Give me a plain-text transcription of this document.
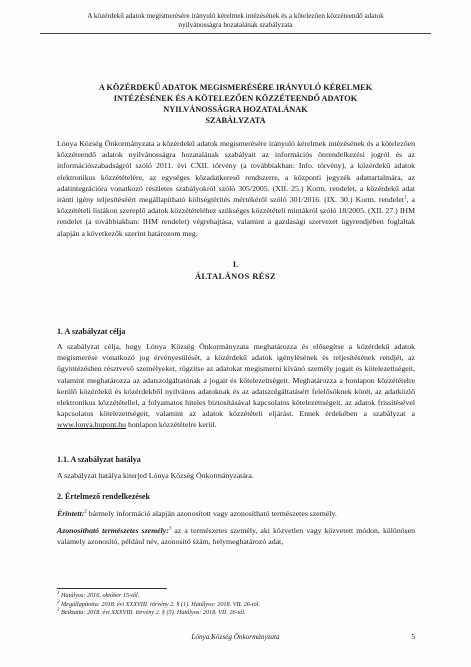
A közérdekű adatok megismerésére irányuló kérelmek intézésének és a kötelezően közzéteendő adatok
nyilvánosságra hozatalának szabályzata
A KÖZÉRDEKŰ ADATOK MEGISMERÉSÉRE IRÁNYULÓ KÉRELMEK
INTÉZÉSÉNEK ÉS A KÖTELEZŐEN KÖZZÉTEENDŐ ADATOK
NYILVÁNOSSÁGRA HOZATALÁNAK
SZABÁLYZATA

Lónya Község Önkormányzata a közérdekű adatok megismerésére irányuló kérelmek intézésének és a kötelezően közzéteendő adatok nyilvánosságra hozatalának szabályait az információs önrendelkezési jogról és az információszabadságról szóló 2011. évi CXII. törvény (a továbbiakban: Info. törvény), a közérdekű adatok elektronikus közzétételére, az egységes közadatkereső rendszerre, a központi jegyzék adattartalmára, az adatintegrációra vonatkozó részletes szabályokról szóló 305/2005. (XII. 25.) Korm. rendelet, a közérdekű adat iránti igény teljesítéséért megállapítható költségtérítés mértékéről szóló 301/2016. (IX. 30.) Korm. rendelet$^1$, a közzétételi listákon szereplő adatok közzétételéhez szükséges közzétételi mintákról szóló 18/2005. (XII. 27.) IHM rendelet (a továbbiakban: IHM rendelet) végrehajtása, valamint a gazdasági szervezet ügyrendjében foglaltak alapján a következők szerint határozom meg.

I.
ÁLTALÁNOS RÉSZ
1. A szabályzat célja

A szabályzat célja, hogy Lónya Község Önkormányzata meghatározza és elősegítse a közérdekű adatok megismerése vonatkozó jog érvényesülését, a közérdekű adatok igénylésének és teljesítésének rendjét, az ügyintézésben résztvevő személyeket, rögzítse az adatokat megismerni kívánó személy jogait és kötelezettségeit, valamint meghatározza az adatszolgáltatónak a jogait és kötelezettségeit. Meghatározza a honlapon közzétételre kerülő közérdekű és közérdekből nyilvános adatoknak és az adatszolgáltatásért felelősöknek körét, az adatközlő elektronikus közzététellel, a folyamatos hiteles biztosításával kapcsolatos kötelezettségeit, az adatok frissítésével kapcsolatos kötelezettségeit, valamint az adatok közzétételi eljárást. Ennek érdekében a szabályzat a www.lonya.hupont.hu honlapon közzétételre kerül.

1.1. A szabályzat hatálya

A szabályzat hatálya kiterjed Lónya Község Önkormányzatára.

2. Értelmező rendelkezések

Érintett:$^2$ bármely információ alapján azonosított vagy azonosítható természetes személy.

Azonosítható természetes személy:$^3$ az a természetes személy, aki közvetlen vagy közvetett módon, különösen valamely azonosító, például név, azonosító szám, helymeghatározó adat,

$^1$ Hatályos: 2016. október 15-től.
$^2$ Megállapította: 2018. évi XXXVIII. törvény 2. § (1). Hatályos: 2018. VII. 26-tól.
$^3$ Beiktatta: 2018. évi XXXVIII. törvény 2. § (5). Hatályos: 2018. VII. 26-tól.
Lónya Község Önkormányzata	5
